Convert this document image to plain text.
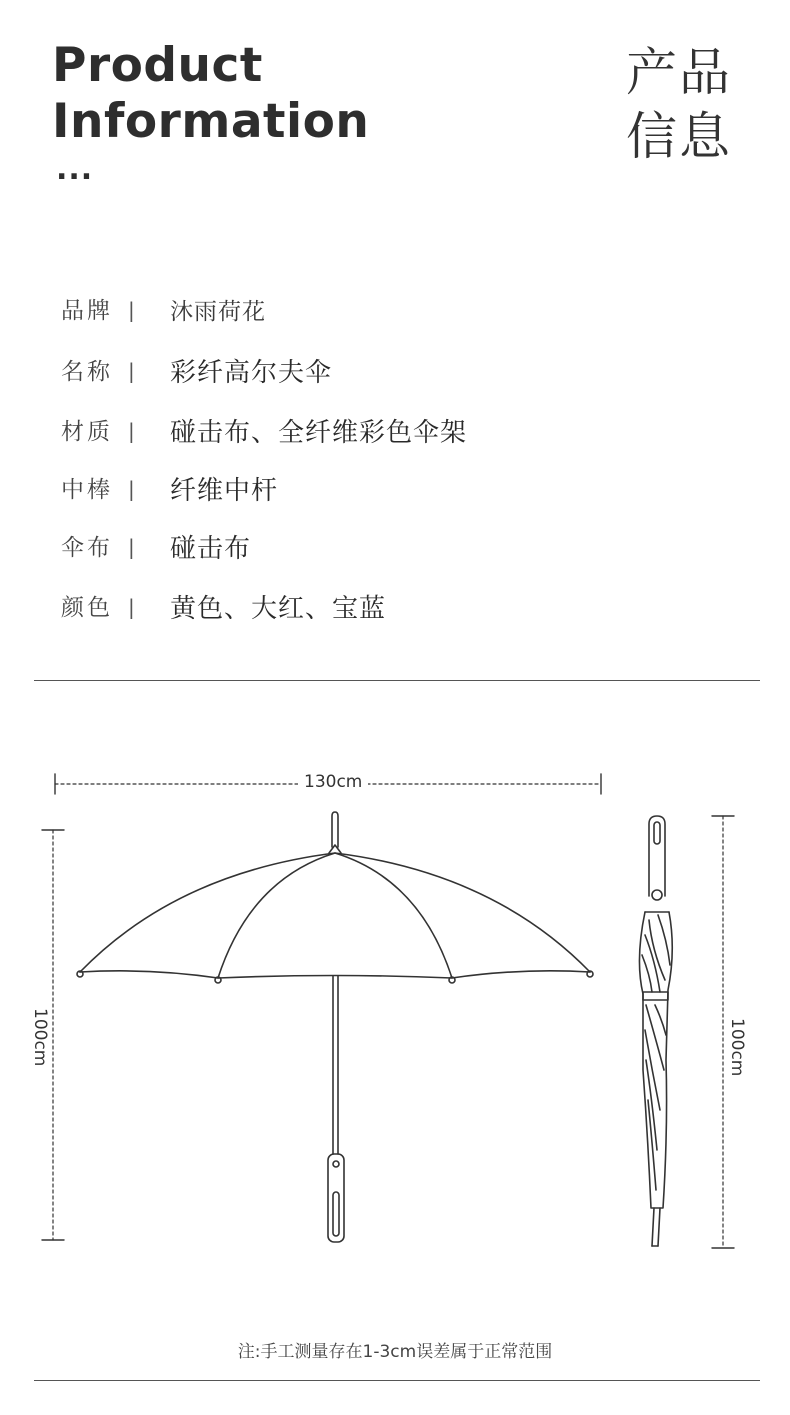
Product
Information
...
产品
信息
品牌 | 沐雨荷花
名称 | 彩纤高尔夫伞
材质 | 碰击布、全纤维彩色伞架
中棒 | 纤维中杆
伞布 | 碰击布
颜色 | 黄色、大红、宝蓝
130cm
100cm	100cm
注:手工测量存在1-3cm误差属于正常范围
